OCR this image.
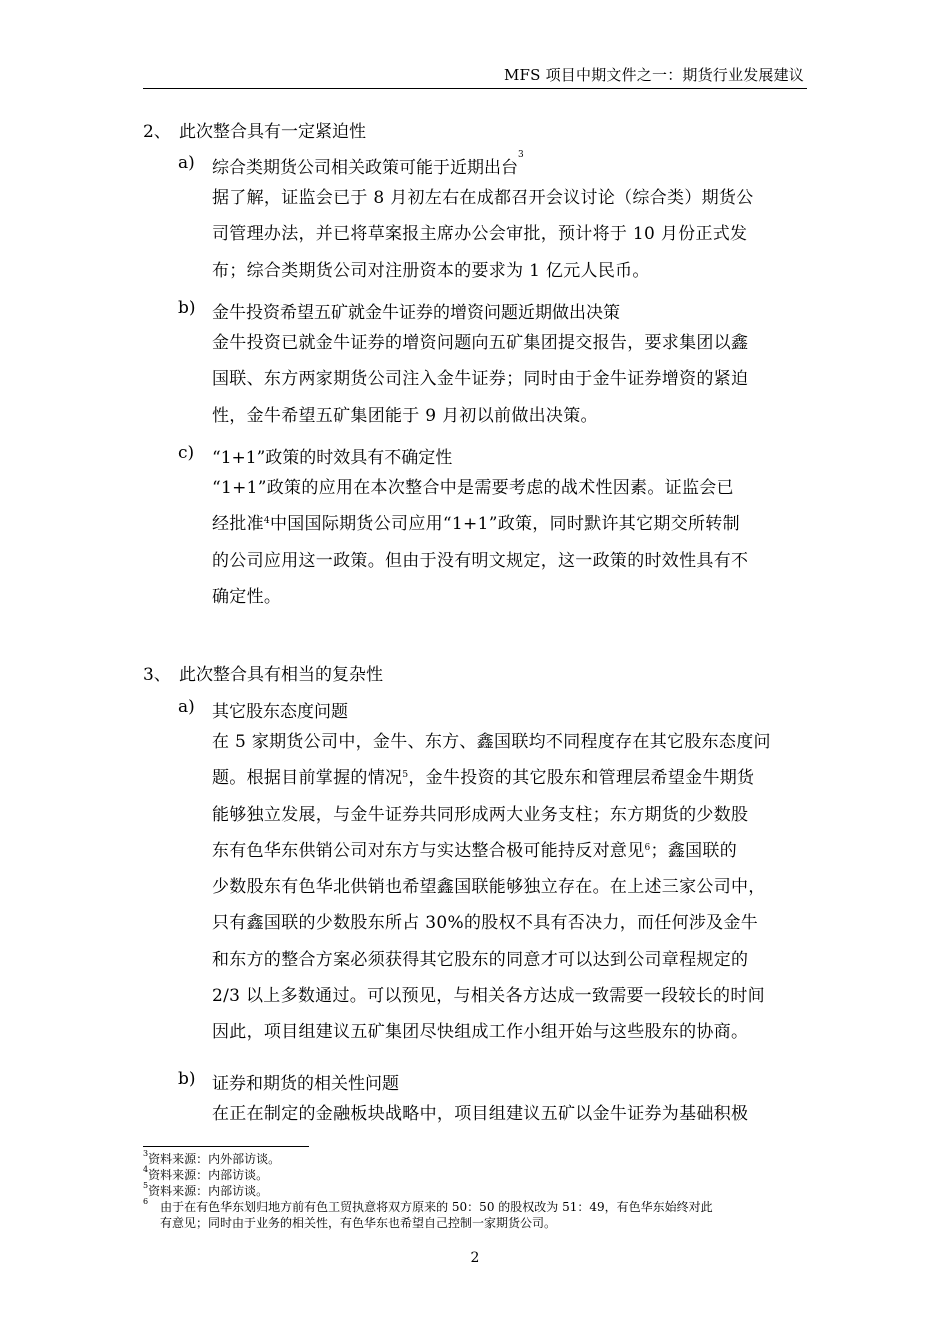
MFS 项目中期文件之一：期货行业发展建议
2、 此次整合具有一定紧迫性
a) 综合类期货公司相关政策可能于近期出台$^3$
据了解，证监会已于 8 月初左右在成都召开会议讨论（综合类）期货公
司管理办法，并已将草案报主席办公会审批，预计将于 10 月份正式发
布；综合类期货公司对注册资本的要求为 1 亿元人民币。
b) 金牛投资希望五矿就金牛证券的增资问题近期做出决策
金牛投资已就金牛证券的增资问题向五矿集团提交报告，要求集团以鑫
国联、东方两家期货公司注入金牛证券；同时由于金牛证券增资的紧迫
性，金牛希望五矿集团能于 9 月初以前做出决策。
c) “1+1”政策的时效具有不确定性
“1+1”政策的应用在本次整合中是需要考虑的战术性因素。证监会已
经批准$^4$中国国际期货公司应用“1+1”政策，同时默许其它期交所转制
的公司应用这一政策。但由于没有明文规定，这一政策的时效性具有不
确定性。
3、 此次整合具有相当的复杂性
a) 其它股东态度问题
在 5 家期货公司中，金牛、东方、鑫国联均不同程度存在其它股东态度问
题。根据目前掌握的情况$^5$，金牛投资的其它股东和管理层希望金牛期货
能够独立发展，与金牛证券共同形成两大业务支柱；东方期货的少数股
东有色华东供销公司对东方与实达整合极可能持反对意见$^6$；鑫国联的
少数股东有色华北供销也希望鑫国联能够独立存在。在上述三家公司中，
只有鑫国联的少数股东所占 30%的股权不具有否决力，而任何涉及金牛
和东方的整合方案必须获得其它股东的同意才可以达到公司章程规定的
2/3 以上多数通过。可以预见，与相关各方达成一致需要一段较长的时间
因此，项目组建议五矿集团尽快组成工作小组开始与这些股东的协商。
b) 证券和期货的相关性问题
在正在制定的金融板块战略中，项目组建议五矿以金牛证券为基础积极
$^3$资料来源：内外部访谈。
$^4$资料来源：内部访谈。
$^5$资料来源：内部访谈。
$^6$ 由于在有色华东划归地方前有色工贸执意将双方原来的 50：50 的股权改为 51：49，有色华东始终对此
有意见；同时由于业务的相关性，有色华东也希望自己控制一家期货公司。
2
